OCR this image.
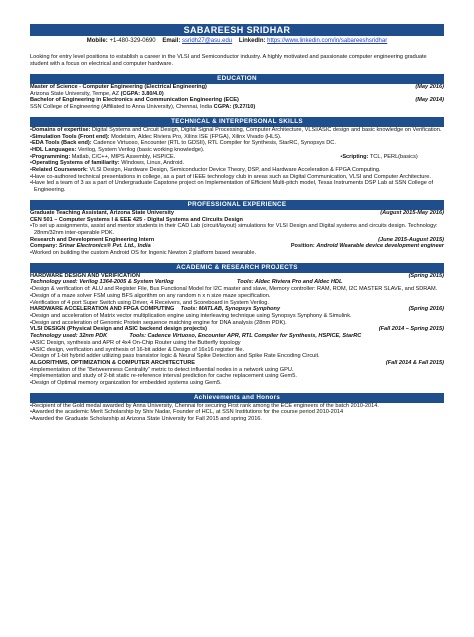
SABAREESH SRIDHAR
Mobile: +1-480-329-0690 Email: ssridh27@asu.edu LinkedIn: https://www.linkedin.com/in/sabareeshsridhar
Looking for entry level positions to establish a career in the VLSI and Semiconductor industry. A highly motivated and passionate computer engineering graduate student with a focus on electrical and computer hardware.
EDUCATION
Master of Science - Computer Engineering (Electrical Engineering)	(May 2016)
Arizona State University, Tempe, AZ (CGPA: 3.80/4.0)
Bachelor of Engineering in Electronics and Communication Engineering (ECE)	(May 2014)
SSN College of Engineering (Affiliated to Anna University), Chennai, India CGPA: (9.27/10)
TECHNICAL & INTERPERSONAL SKILLS
• Domains of expertise: Digital Systems and Circuit Design, Digital Signal Processing, Computer Architecture, VLSI/ASIC design and basic knowledge on Verification.
• Simulation Tools (Front end): Modelsim, Aldec Riviera Pro, Xilinx ISE (FPGA), Xilinx Vivado (HLS).
• EDA Tools (Back end): Cadence Virtuoso, Encounter (RTL to GDSII), RTL Compiler for Synthesis, StarRC, Synopsys DC.
• HDL Languages: Verilog, System Verilog (basic working knowledge).
• Programming: Matlab, C/C++, MIPS Assembly, HSPICE.
•	Scripting: TCL, PERL(basics)
• Operating Systems of familiarity: Windows, Linux, Android.
• Related Coursework: VLSI Design, Hardware Design, Semiconductor Device Theory, DSP, and Hardware Acceleration & FPGA Computing.
• Have co-authored technical presentations in college, as a part of IEEE technology club in areas such as Digital Communication, VLSI and Computer Architecture.
• Have led a team of 3 as a part of Undergraduate Capstone project on Implementation of Efficient Multi-pitch model, Texas Instruments DSP Lab at SSN College of Engineering.
PROFESSIONAL EXPERIENCE
Graduate Teaching Assistant, Arizona State University	(August 2015-May 2016)
CEN 501 – Computer Systems I & EEE 425 - Digital Systems and Circuits Design
• To set up assignments, assist and mentor students in their CAD Lab (circuit/layout) simulations for VLSI Design and Digital systems and circuits design. Technology: 28nm/32nm inter-operable PDK.
Research and Development Engineering Intern	(June 2015-August 2015)
Company: Srinar Electronics® Pvt. Ltd., India	Position: Android Wearable device development engineer
• Worked on building the custom Android OS for Ingenic Newton 2 platform based wearable.
ACADEMIC & RESEARCH PROJECTS
HARDWARE DESIGN AND VERIFICATION	(Spring 2015)
Technology used: Verilog 1364-2005 & System Verilog	Tools: Aldec Riviera Pro and Aldec HDL
• Design & verification of: ALU and Register File, Bus Functional Model for I2C master and slave, Memory controller: RAM, ROM, I2C MASTER SLAVE, and SDRAM.
• Design of a maze solver FSM using BFS algorithm on any random n x n size maze specification.
• Verification of 4 port Super Switch using Driver, 4 Receivers, and Scoreboard in System Verilog.
HARDWARE ACCELERATION AND FPGA COMPUTING Tools: MATLAB, Synopsys Synphony	(Spring 2016)
• Design and acceleration of Matrix vector multiplication engine using interleaving technique using Synopsys Synphony & Simulink.
• Design and acceleration of Genomic Protein sequence matching engine for DNA analysis (28nm PDK).
VLSI DESIGN (Physical Design and ASIC backend design projects)	(Fall 2014 – Spring 2015)
Technology used: 32nm PDK	Tools: Cadence Virtuoso, Encounter APR, RTL Compiler for Synthesis, HSPICE, StarRC
• ASIC Design, synthesis and APR of 4x4 On-Chip Router using the Butterfly topology
• ASIC design, verification and synthesis of 16-bit adder & Design of 16x16 register file.
• Design of 1-bit hybrid adder utilizing pass transistor logic & Neural Spike Detection and Spike Rate Encoding Circuit.
ALGORITHMS, OPTIMIZATION & COMPUTER ARCHITECTURE	(Fall 2014 & Fall 2015)
• Implementation of the “Betweenness Centrality” metric to detect influential nodes in a network using GPU.
• Implementation and study of 2-bit static re-reference interval prediction for cache replacement using Gem5.
• Design of Optimal memory organization for embedded systems using Gem5.
Achievements and Honors
• Recipient of the Gold medal awarded by Anna University, Chennai for securing First rank among the ECE engineers of the batch 2010-2014.
• Awarded the academic Merit Scholarship by Shiv Nadar, Founder of HCL, at SSN Institutions for the course period 2010-2014
• Awarded the Graduate Scholarship at Arizona State University for Fall 2015 and spring 2016.
